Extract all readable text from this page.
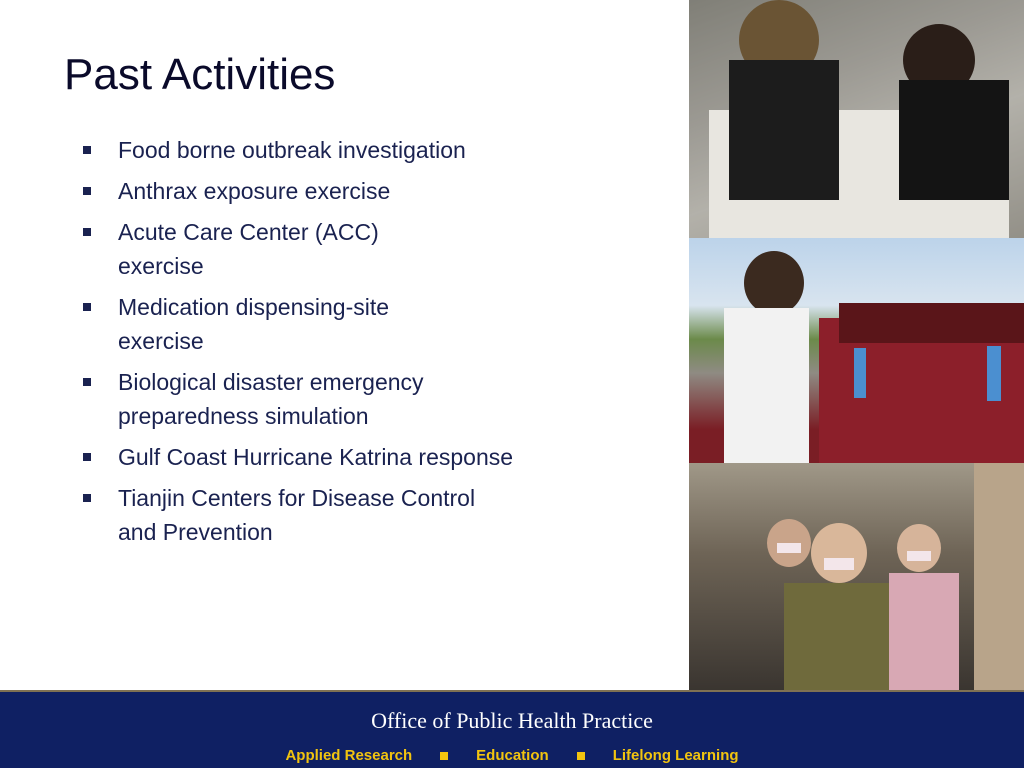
Past Activities
Food borne outbreak investigation
Anthrax exposure exercise
Acute Care Center (ACC) exercise
Medication dispensing-site exercise
Biological disaster emergency preparedness simulation
Gulf Coast Hurricane Katrina response
Tianjin Centers for Disease Control and Prevention
Office of Public Health Practice
Applied Research	Education	Lifelong Learning
